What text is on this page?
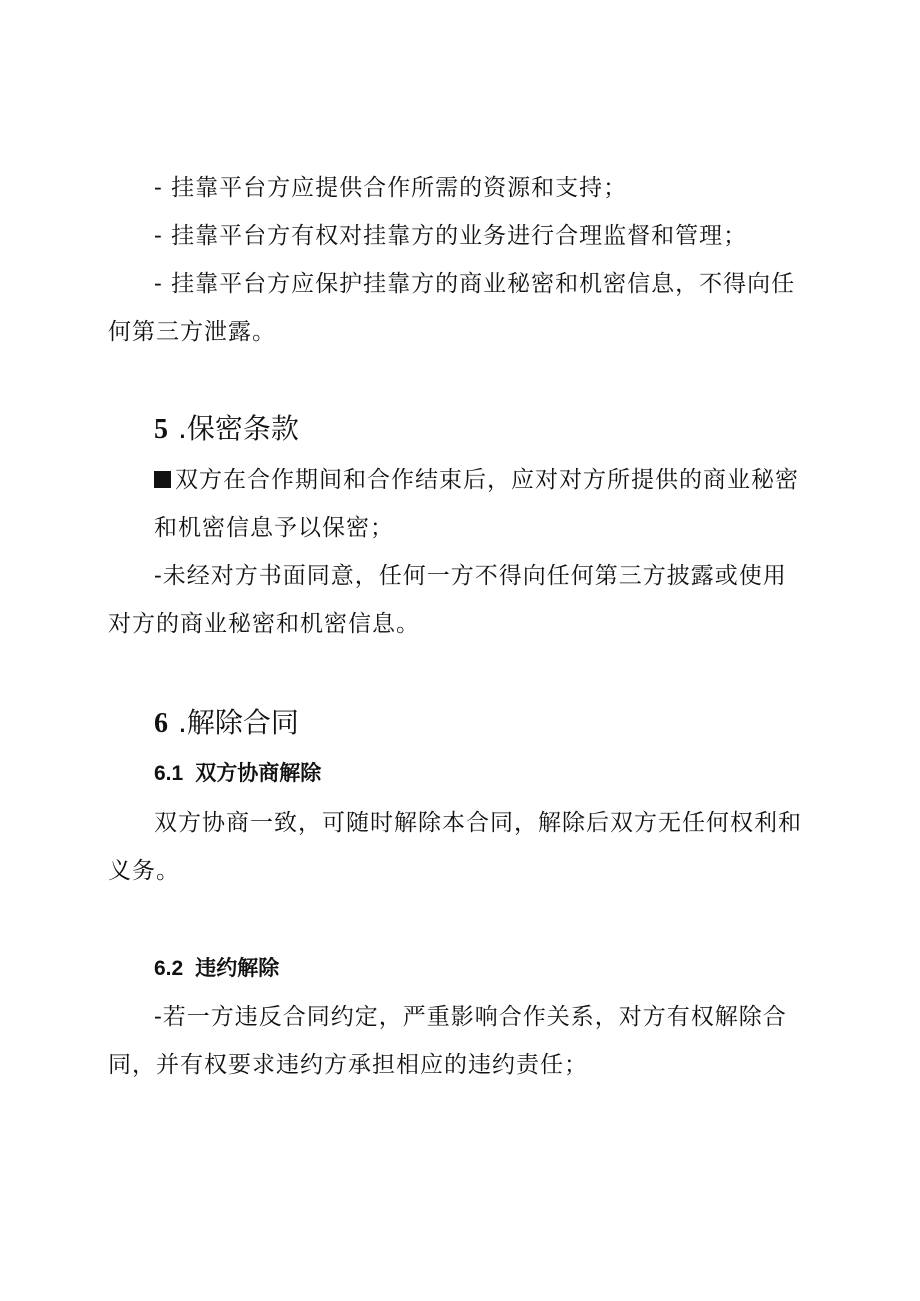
- 挂靠平台方应提供合作所需的资源和支持；

- 挂靠平台方有权对挂靠方的业务进行合理监督和管理；

- 挂靠平台方应保护挂靠方的商业秘密和机密信息，不得向任何第三方泄露。

5 .保密条款

双方在合作期间和合作结束后，应对对方所提供的商业秘密和机密信息予以保密；

-未经对方书面同意，任何一方不得向任何第三方披露或使用对方的商业秘密和机密信息。

6 .解除合同
6.1 双方协商解除

双方协商一致，可随时解除本合同，解除后双方无任何权利和义务。

6.2 违约解除

-若一方违反合同约定，严重影响合作关系，对方有权解除合同，并有权要求违约方承担相应的违约责任；
